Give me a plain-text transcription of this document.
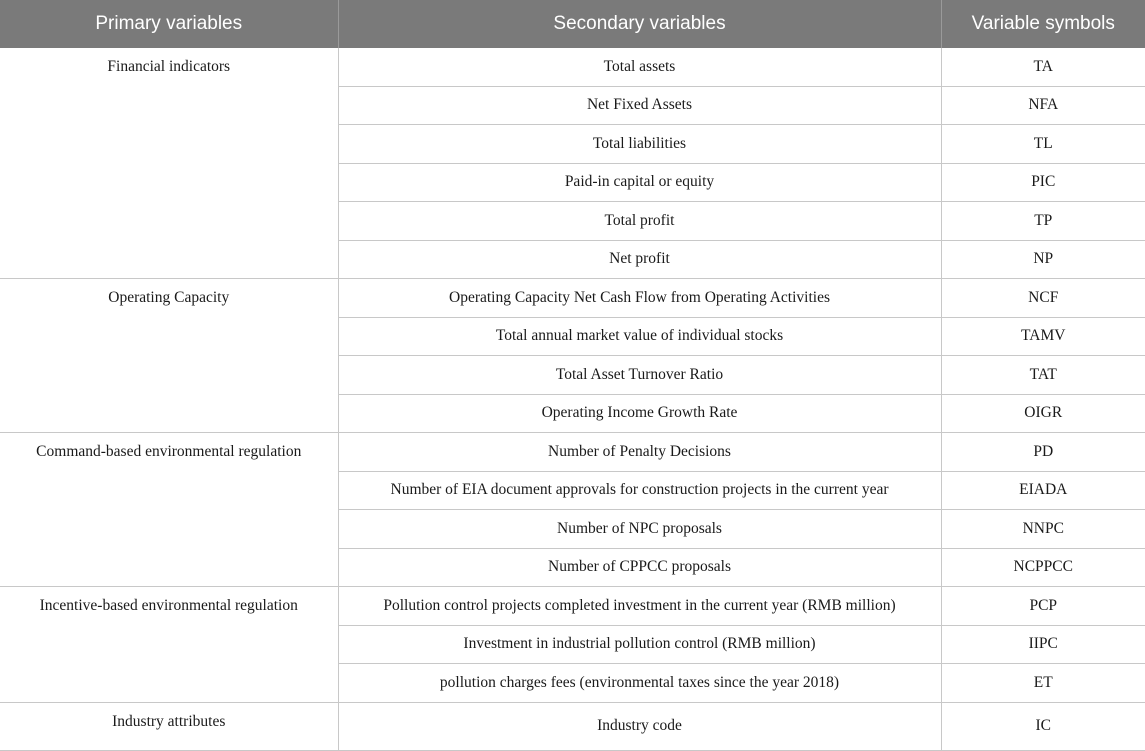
Primary variables	Secondary variables	Variable symbols
Financial indicators	Total assets	TA
	Net Fixed Assets	NFA
	Total liabilities	TL
	Paid-in capital or equity	PIC
	Total profit	TP
	Net profit	NP
Operating Capacity	Operating Capacity Net Cash Flow from Operating Activities	NCF
	Total annual market value of individual stocks	TAMV
	Total Asset Turnover Ratio	TAT
	Operating Income Growth Rate	OIGR
Command-based environmental regulation	Number of Penalty Decisions	PD
	Number of EIA document approvals for construction projects in the current year	EIADA
	Number of NPC proposals	NNPC
	Number of CPPCC proposals	NCPPCC
Incentive-based environmental regulation	Pollution control projects completed investment in the current year (RMB million)	PCP
	Investment in industrial pollution control (RMB million)	IIPC
	pollution charges fees (environmental taxes since the year 2018)	ET
Industry attributes	Industry code	IC
